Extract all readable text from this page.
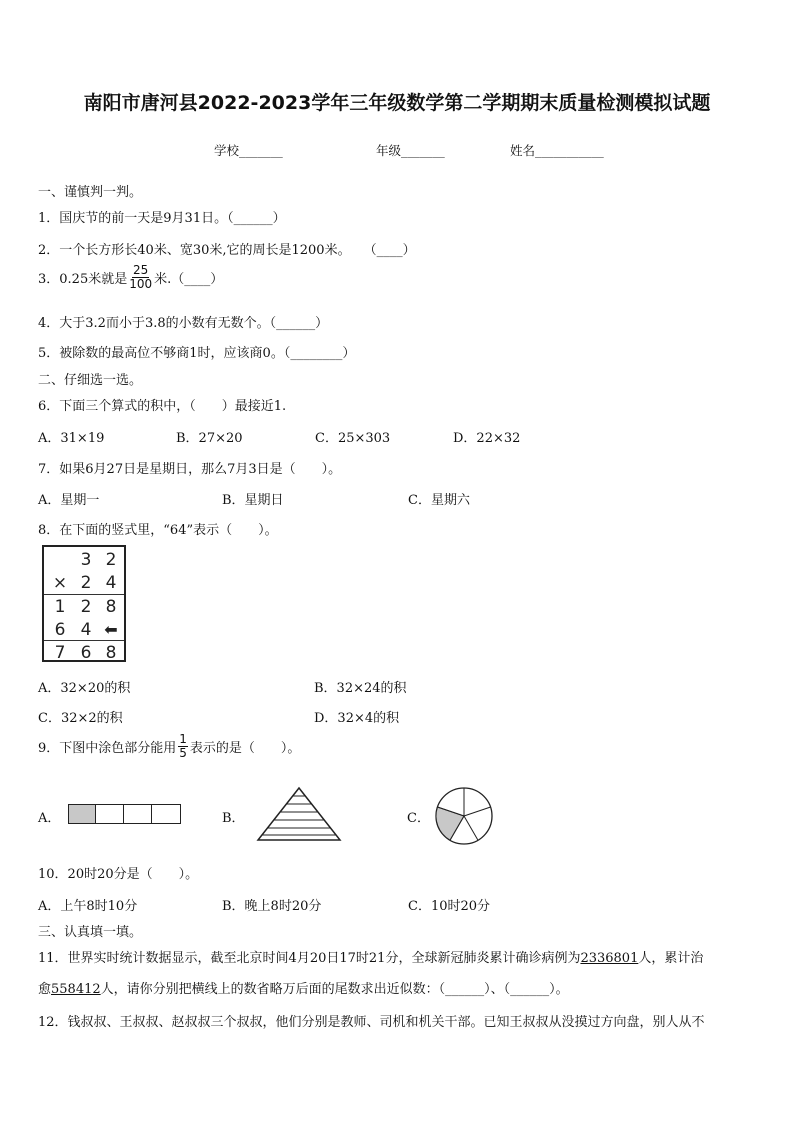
南阳市唐河县2022-2023学年三年级数学第二学期期末质量检测模拟试题
学校_______	年级_______	姓名___________
一、谨慎判一判。
1．国庆节的前一天是9月31日。（______）
2．一个长方形长40米、宽30米,它的周长是1200米。　　（____）
3．0.25米就是 $\frac{25}{100}$ 米.（____）
4．大于3.2而小于3.8的小数有无数个。（______）
5．被除数的最高位不够商1时，应该商0。（________）
二、仔细选一选。
6．下面三个算式的积中，（　　）最接近1.
A．31×19	B．27×20	C．25×303	D．22×32
7．如果6月27日是星期日，那么7月3日是（　　）。
A．星期一	B．星期日	C．星期六
8．在下面的竖式里，“64”表示（　　）。
3 2
× 2 4
1 2 8
6 4 ⬅
7 6 8
A．32×20的积	B．32×24的积
C．32×2的积	D．32×4的积
9．下图中涂色部分能用 $\frac{1}{5}$ 表示的是（　　）。
A．	B．	C．
10．20时20分是（　　）。
A．上午8时10分	B．晚上8时20分	C．10时20分
三、认真填一填。
11．世界实时统计数据显示，截至北京时间4月20日17时21分，全球新冠肺炎累计确诊病例为2336801人，累计治
愈558412人，请你分别把横线上的数省略万后面的尾数求出近似数：（______）、（______）。
12．钱叔叔、王叔叔、赵叔叔三个叔叔，他们分别是教师、司机和机关干部。已知王叔叔从没摸过方向盘，别人从不
